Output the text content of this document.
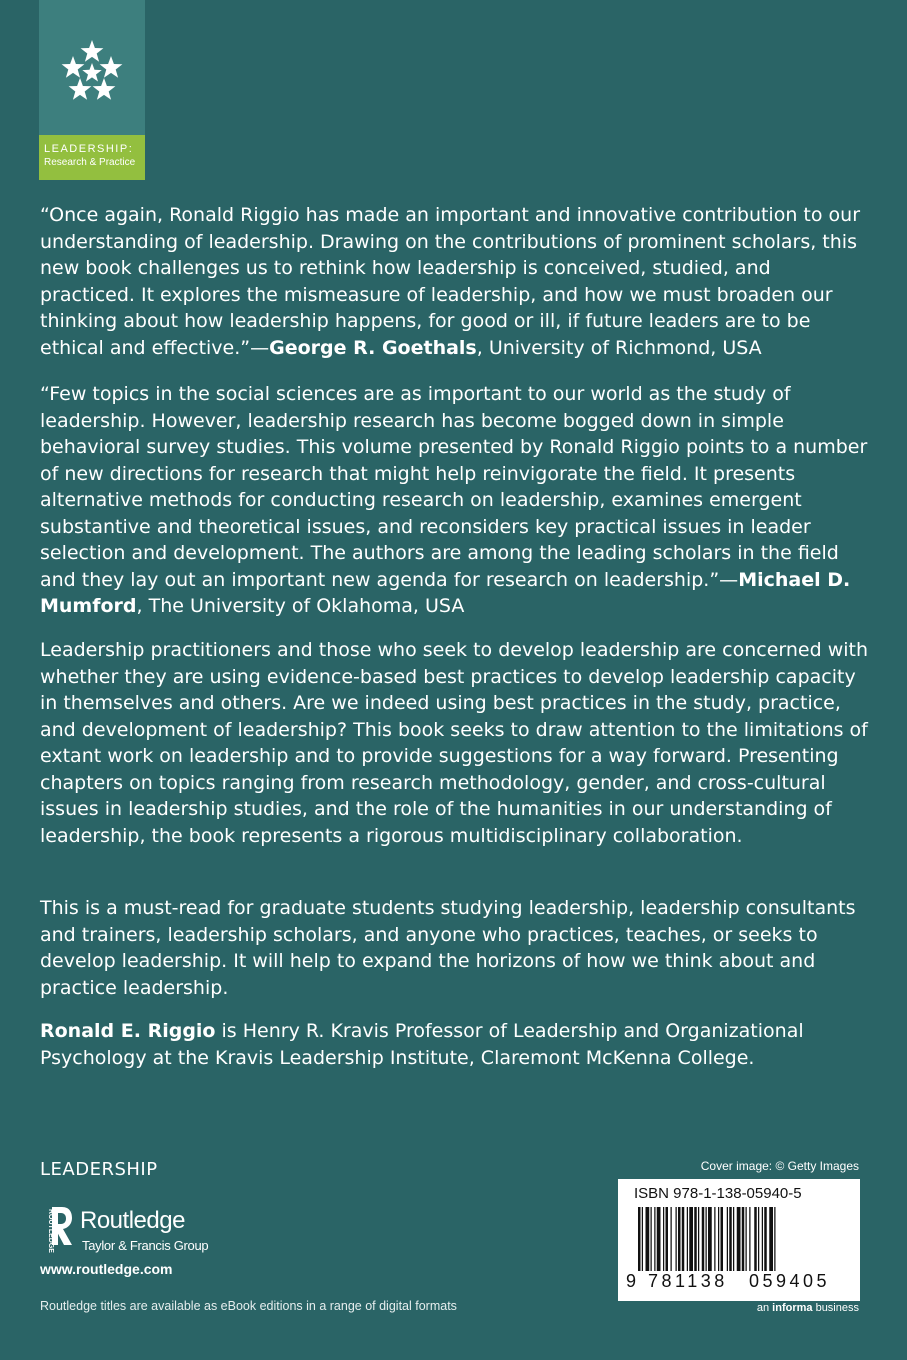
LEADERSHIP:
Research & Practice

“Once again, Ronald Riggio has made an important and innovative contribution to our understanding of leadership. Drawing on the contributions of prominent scholars, this new book challenges us to rethink how leadership is conceived, studied, and practiced. It explores the mismeasure of leadership, and how we must broaden our thinking about how leadership happens, for good or ill, if future leaders are to be ethical and effective.”—George R. Goethals, University of Richmond, USA

“Few topics in the social sciences are as important to our world as the study of leadership. However, leadership research has become bogged down in simple behavioral survey studies. This volume presented by Ronald Riggio points to a number of new directions for research that might help reinvigorate the field. It presents alternative methods for conducting research on leadership, examines emergent substantive and theoretical issues, and reconsiders key practical issues in leader selection and development. The authors are among the leading scholars in the field and they lay out an important new agenda for research on leadership.”—Michael D. Mumford, The University of Oklahoma, USA

Leadership practitioners and those who seek to develop leadership are concerned with whether they are using evidence-based best practices to develop leadership capacity in themselves and others. Are we indeed using best practices in the study, practice, and development of leadership? This book seeks to draw attention to the limitations of extant work on leadership and to provide suggestions for a way forward. Presenting chapters on topics ranging from research methodology, gender, and cross-cultural issues in leadership studies, and the role of the humanities in our understanding of leadership, the book represents a rigorous multidisciplinary collaboration.

This is a must-read for graduate students studying leadership, leadership consultants and trainers, leadership scholars, and anyone who practices, teaches, or seeks to develop leadership. It will help to expand the horizons of how we think about and practice leadership.

Ronald E. Riggio is Henry R. Kravis Professor of Leadership and Organizational Psychology at the Kravis Leadership Institute, Claremont McKenna College.

LEADERSHIP
ROUTLEDGE Routledge
Taylor & Francis Group
www.routledge.com
Routledge titles are available as eBook editions in a range of digital formats
Cover image: © Getty Images
ISBN 978-1-138-05940-5
9 781138 059405
an informa business
